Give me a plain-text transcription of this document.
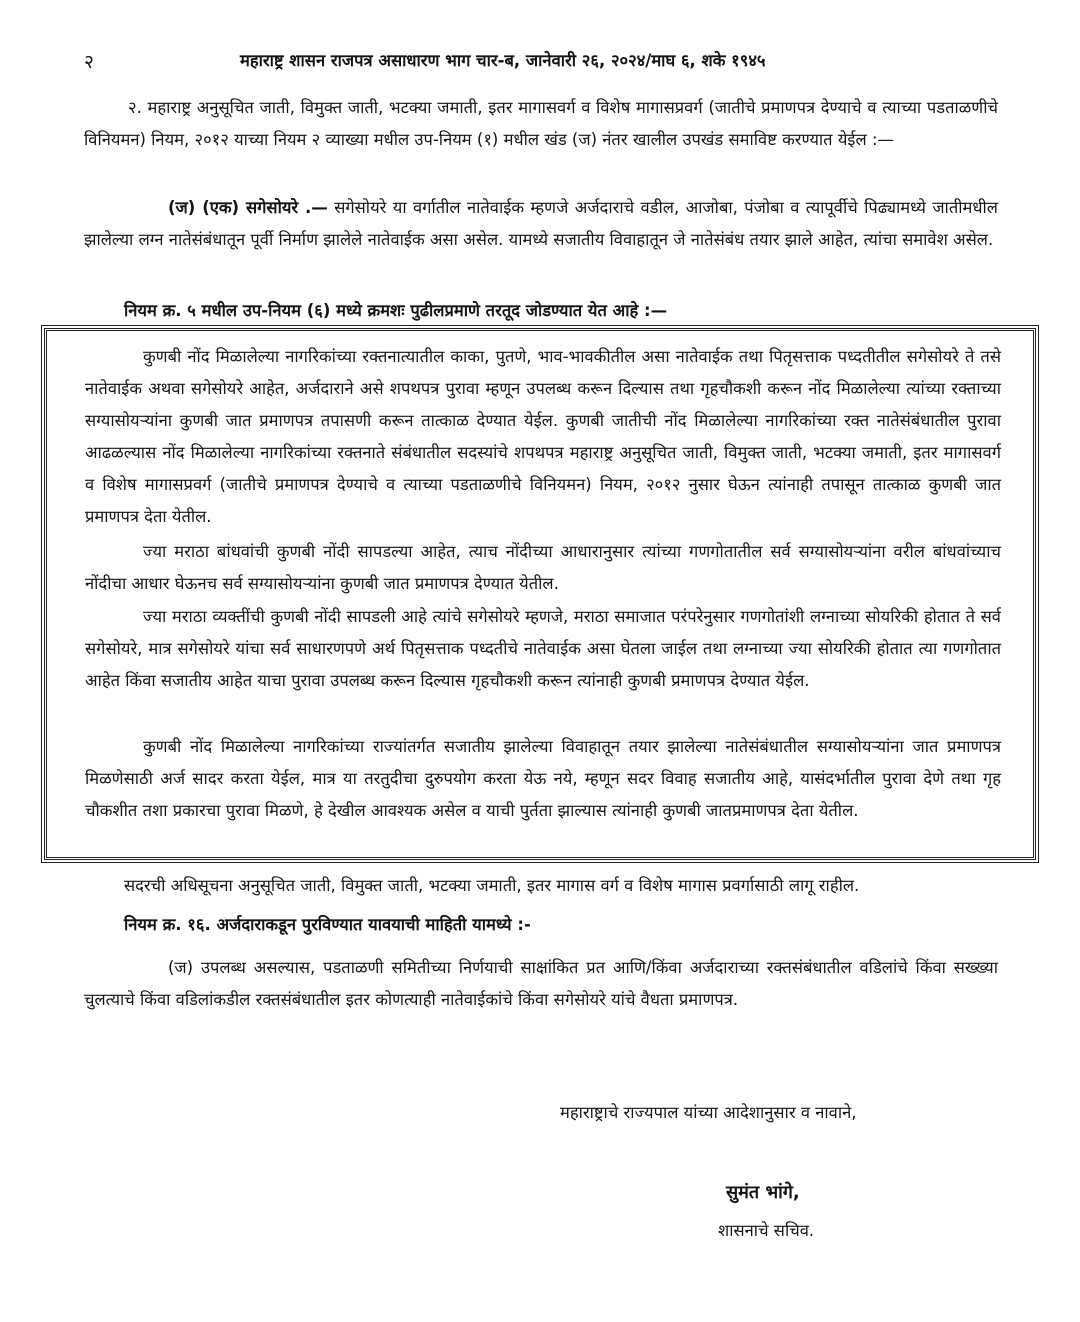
२	महाराष्ट्र शासन राजपत्र असाधारण भाग चार-ब, जानेवारी २६, २०२४/माघ ६, शके १९४५

२. महाराष्ट्र अनुसूचित जाती, विमुक्त जाती, भटक्या जमाती, इतर मागासवर्ग व विशेष मागासप्रवर्ग (जातीचे प्रमाणपत्र देण्याचे व त्याच्या पडताळणीचे विनियमन) नियम, २०१२ याच्या नियम २ व्याख्या मधील उप-नियम (१) मधील खंड (ज) नंतर खालील उपखंड समाविष्ट करण्यात येईल :—

(ज) (एक) सगेसोयरे .— सगेसोयरे या वर्गातील नातेवाईक म्हणजे अर्जदाराचे वडील, आजोबा, पंजोबा व त्यापूर्वीचे पिढ्यामध्ये जातीमधील झालेल्या लग्न नातेसंबंधातून पूर्वी निर्माण झालेले नातेवाईक असा असेल. यामध्ये सजातीय विवाहातून जे नातेसंबंध तयार झाले आहेत, त्यांचा समावेश असेल.

नियम क्र. ५ मधील उप-नियम (६) मध्ये क्रमशः पुढीलप्रमाणे तरतूद जोडण्यात येत आहे :—

कुणबी नोंद मिळालेल्या नागरिकांच्या रक्तनात्यातील काका, पुतणे, भाव-भावकीतील असा नातेवाईक तथा पितृसत्ताक पध्दतीतील सगेसोयरे ते तसे नातेवाईक अथवा सगेसोयरे आहेत, अर्जदाराने असे शपथपत्र पुरावा म्हणून उपलब्ध करून दिल्यास तथा गृहचौकशी करून नोंद मिळालेल्या त्यांच्या रक्ताच्या सग्यासोयऱ्यांना कुणबी जात प्रमाणपत्र तपासणी करून तात्काळ देण्यात येईल. कुणबी जातीची नोंद मिळालेल्या नागरिकांच्या रक्त नातेसंबंधातील पुरावा आढळल्यास नोंद मिळालेल्या नागरिकांच्या रक्तनाते संबंधातील सदस्यांचे शपथपत्र महाराष्ट्र अनुसूचित जाती, विमुक्त जाती, भटक्या जमाती, इतर मागासवर्ग व विशेष मागासप्रवर्ग (जातीचे प्रमाणपत्र देण्याचे व त्याच्या पडताळणीचे विनियमन) नियम, २०१२ नुसार घेऊन त्यांनाही तपासून तात्काळ कुणबी जात प्रमाणपत्र देता येतील.

ज्या मराठा बांधवांची कुणबी नोंदी सापडल्या आहेत, त्याच नोंदीच्या आधारानुसार त्यांच्या गणगोतातील सर्व सग्यासोयऱ्यांना वरील बांधवांच्याच नोंदीचा आधार घेऊनच सर्व सग्यासोयऱ्यांना कुणबी जात प्रमाणपत्र देण्यात येतील.

ज्या मराठा व्यक्तींची कुणबी नोंदी सापडली आहे त्यांचे सगेसोयरे म्हणजे, मराठा समाजात परंपरेनुसार गणगोतांशी लग्नाच्या सोयरिकी होतात ते सर्व सगेसोयरे, मात्र सगेसोयरे यांचा सर्व साधारणपणे अर्थ पितृसत्ताक पध्दतीचे नातेवाईक असा घेतला जाईल तथा लग्नाच्या ज्या सोयरिकी होतात त्या गणगोतात आहेत किंवा सजातीय आहेत याचा पुरावा उपलब्ध करून दिल्यास गृहचौकशी करून त्यांनाही कुणबी प्रमाणपत्र देण्यात येईल.

कुणबी नोंद मिळालेल्या नागरिकांच्या राज्यांतर्गत सजातीय झालेल्या विवाहातून तयार झालेल्या नातेसंबंधातील सग्यासोयऱ्यांना जात प्रमाणपत्र मिळणेसाठी अर्ज सादर करता येईल, मात्र या तरतुदीचा दुरुपयोग करता येऊ नये, म्हणून सदर विवाह सजातीय आहे, यासंदर्भातील पुरावा देणे तथा गृह चौकशीत तशा प्रकारचा पुरावा मिळणे, हे देखील आवश्यक असेल व याची पुर्तता झाल्यास त्यांनाही कुणबी जातप्रमाणपत्र देता येतील.

सदरची अधिसूचना अनुसूचित जाती, विमुक्त जाती, भटक्या जमाती, इतर मागास वर्ग व विशेष मागास प्रवर्गासाठी लागू राहील.

नियम क्र. १६. अर्जदाराकडून पुरविण्यात यावयाची माहिती यामध्ये :-

(ज) उपलब्ध असल्यास, पडताळणी समितीच्या निर्णयाची साक्षांकित प्रत आणि/किंवा अर्जदाराच्या रक्तसंबंधातील वडिलांचे किंवा सख्ख्या चुलत्याचे किंवा वडिलांकडील रक्तसंबंधातील इतर कोणत्याही नातेवाईकांचे किंवा सगेसोयरे यांचे वैधता प्रमाणपत्र.

महाराष्ट्राचे राज्यपाल यांच्या आदेशानुसार व नावाने,

सुमंत भांगे,

शासनाचे सचिव.
